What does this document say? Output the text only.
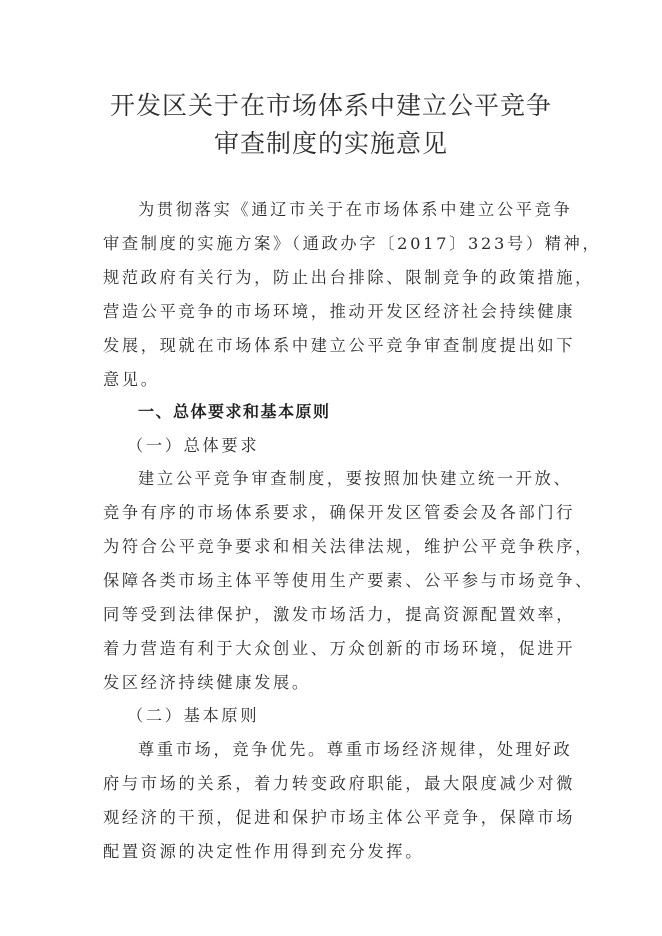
开发区关于在市场体系中建立公平竞争
审查制度的实施意见
为贯彻落实《通辽市关于在市场体系中建立公平竞争
审查制度的实施方案》（通政办字〔2017〕323号）精神，
规范政府有关行为，防止出台排除、限制竞争的政策措施，
营造公平竞争的市场环境，推动开发区经济社会持续健康
发展，现就在市场体系中建立公平竞争审查制度提出如下
意见。
一、总体要求和基本原则
（一）总体要求
建立公平竞争审查制度，要按照加快建立统一开放、
竞争有序的市场体系要求，确保开发区管委会及各部门行
为符合公平竞争要求和相关法律法规，维护公平竞争秩序，
保障各类市场主体平等使用生产要素、公平参与市场竞争、
同等受到法律保护，激发市场活力，提高资源配置效率，
着力营造有利于大众创业、万众创新的市场环境，促进开
发区经济持续健康发展。
（二）基本原则
尊重市场，竞争优先。尊重市场经济规律，处理好政
府与市场的关系，着力转变政府职能，最大限度减少对微
观经济的干预，促进和保护市场主体公平竞争，保障市场
配置资源的决定性作用得到充分发挥。
